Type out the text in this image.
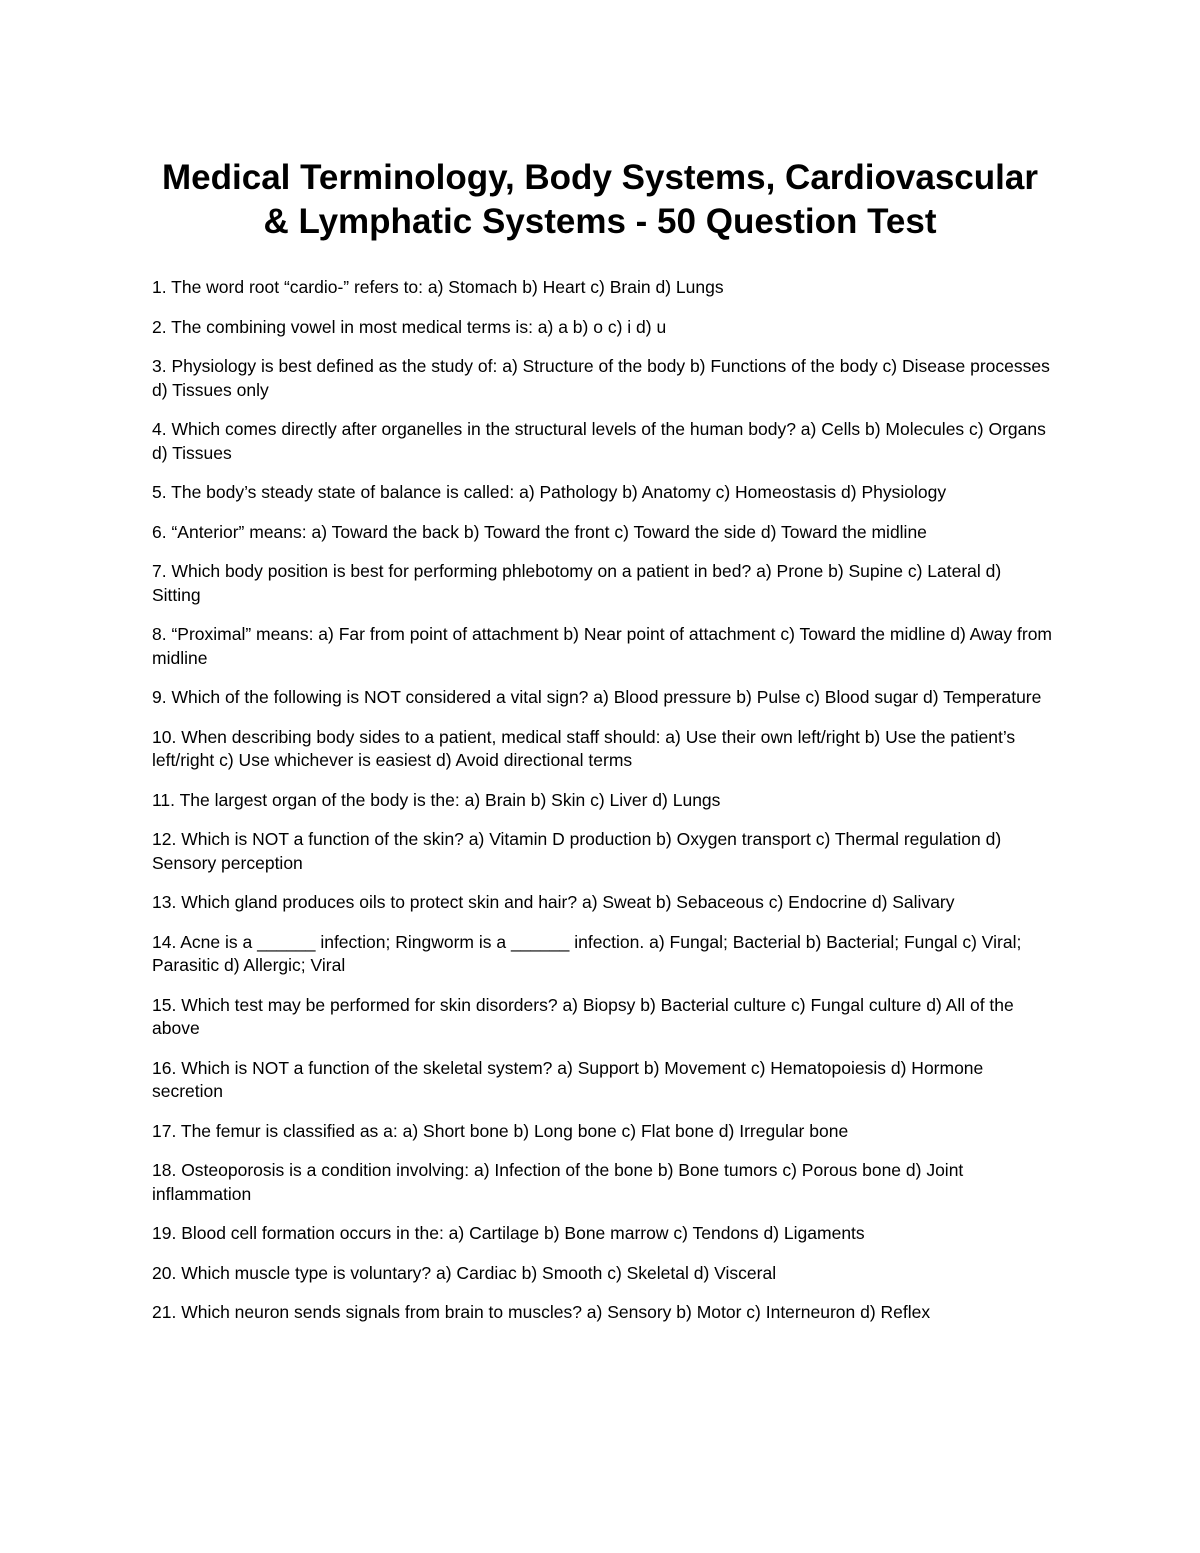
Medical Terminology, Body Systems, Cardiovascular
& Lymphatic Systems - 50 Question Test
1. The word root “cardio-” refers to: a) Stomach b) Heart c) Brain d) Lungs
2. The combining vowel in most medical terms is: a) a b) o c) i d) u
3. Physiology is best defined as the study of: a) Structure of the body b) Functions of the body c) Disease processes d) Tissues only
4. Which comes directly after organelles in the structural levels of the human body? a) Cells b) Molecules c) Organs d) Tissues
5. The body’s steady state of balance is called: a) Pathology b) Anatomy c) Homeostasis d) Physiology
6. “Anterior” means: a) Toward the back b) Toward the front c) Toward the side d) Toward the midline
7. Which body position is best for performing phlebotomy on a patient in bed? a) Prone b) Supine c) Lateral d) Sitting
8. “Proximal” means: a) Far from point of attachment b) Near point of attachment c) Toward the midline d) Away from midline
9. Which of the following is NOT considered a vital sign? a) Blood pressure b) Pulse c) Blood sugar d) Temperature
10. When describing body sides to a patient, medical staff should: a) Use their own left/right b) Use the patient’s left/right c) Use whichever is easiest d) Avoid directional terms
11. The largest organ of the body is the: a) Brain b) Skin c) Liver d) Lungs
12. Which is NOT a function of the skin? a) Vitamin D production b) Oxygen transport c) Thermal regulation d) Sensory perception
13. Which gland produces oils to protect skin and hair? a) Sweat b) Sebaceous c) Endocrine d) Salivary
14. Acne is a ______ infection; Ringworm is a ______ infection. a) Fungal; Bacterial b) Bacterial; Fungal c) Viral; Parasitic d) Allergic; Viral
15. Which test may be performed for skin disorders? a) Biopsy b) Bacterial culture c) Fungal culture d) All of the above
16. Which is NOT a function of the skeletal system? a) Support b) Movement c) Hematopoiesis d) Hormone secretion
17. The femur is classified as a: a) Short bone b) Long bone c) Flat bone d) Irregular bone
18. Osteoporosis is a condition involving: a) Infection of the bone b) Bone tumors c) Porous bone d) Joint inflammation
19. Blood cell formation occurs in the: a) Cartilage b) Bone marrow c) Tendons d) Ligaments
20. Which muscle type is voluntary? a) Cardiac b) Smooth c) Skeletal d) Visceral
21. Which neuron sends signals from brain to muscles? a) Sensory b) Motor c) Interneuron d) Reflex
